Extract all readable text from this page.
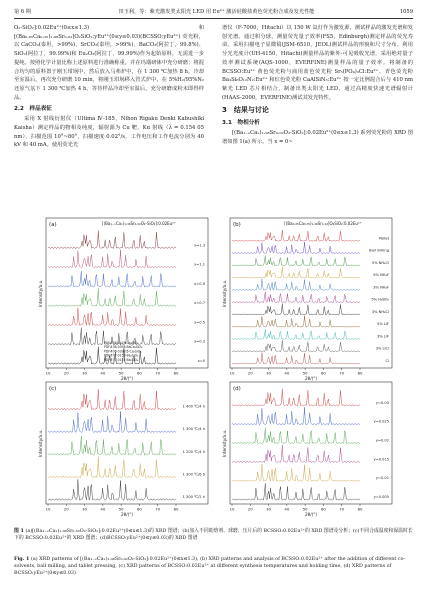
第 6 期	田玉利，等：紫光激发类太阳光 LED 用 Eu²⁺ 激活硅酸盐黄色荧光粉合成及发光性能	1059

O₂-SiO₂]:0.02Eu²⁺(0≤x≤1.3) 和 [(Ba₀.₆₅Ca₀.₃₅)₁.₉₈Sr₀.₀₂]O₂SiO₂:yEu²⁺(0≤y≤0.03)(BCSSO:yEu²⁺) 荧光粉，以 CaCO₃(泰坦，>99%)、SrCO₃(泰坦，>99%)、BaCO₃(阿拉丁，99.8%)、SiO₂(阿拉丁，99.99%)和 Eu₂O₃(阿拉丁，99.99%)作为起始原料，无需进一步提纯。按照化学计量比称上述原料进行准确称重，并在玛瑙研钵中充分研磨；将混合均匀的原料置于刚玉坩埚中，然后放入马弗炉中，在 1 300 ℃加热 8 h。冷却至室温后，再次充分研磨 10 min，将刚玉坩埚移入管式炉中，在 5%H₂/95%N₂ 还原气氛下 1 300 ℃加热 4 h，等待样品冷却至室温后，充分研磨成粉末即得样品。

2.2　样品表征

采用 X 射线衍射仪（Ultima Ⅳ-185，Nihon Rigaku Denki Kabushiki Kaisha）测定样品的物相及纯度，辐射源为 Cu 靶，Kα 射线（λ = 0.154 05 nm），扫描范围 10°~80°，扫描速度 0.02°/s，工作电压和工作电流分别为 40 kV 和 40 mA。使用荧光光

谱仪（F-7000，Hitachi）以 150 W 氙灯作为激发源，测试样品的激发光谱和发射光谱。通过积分球，测量荧光量子效率(FS5，Edinburgh)测定样品的荧光寿命。采用扫描电子显微镜(JSM-6510，JEOL)测试样品的形貌和尺寸分布。利用分光光度计(UH-4150，Hitachi)测量样品的紫外-可见吸收光谱，采用绝对量子效率测试系统(AQS-1000，EVERFINE)测量样品的量子效率。将制备的 BCSSO:Eu²⁺ 黄色荧光粉与商用蓝色荧光粉 Sr₅(PO₄)₃Cl:Eu²⁺、青色荧光粉 Ba₃Si₆O₁₂N₂:Eu²⁺ 和红色荧光粉 CaAlSiN₃:Eu²⁺ 按一定比例混合后与 410 nm 紫光 LED 芯片相结合，制备出类太阳光 LED，通过高精度快速光谱辐射计(HAAS-2000，EVERFINE)测试其发光特性。

3　结果与讨论
3.1　物相分析

[(Ba₁₋ₓCaₓ)₁.₉₈Sr₀.₀₂O₂-SiO₂]:0.02Eu²⁺(0≤x≤1.3) 系列荧光粉的 XRD 图谱如图 1(a) 所示。当 x = 0~

(a)	[(Ba₁₋ₓCaₓ)₁.₉₈Sr₀.₀₂O₂-SiO₂]:0.02Eu²⁺
x=1.3
x=1.1
x=0.9
x=0.7
x=0.5
x=0.3
x=0
10	20	30	40	50	60	70	80
2θ/(°)
Intensity/a.u.
PDF#38-1429 Ca₂SiO₄
PDF#36-0398 BaCa₃SiO₄
PDF#06-0398 β-Ca₂SiO₄
PDF#77-0153 Ba₂SiO₄
PDF#77-0155 Ba₂SiO₄
(b)	[(Ba₀.₆₅Ca₀.₃₅)₁.₉₈Sr₀.₀₂]O₂SiO₂:0.02Eu²⁺
Pellet
Ball milling
5% NH₄Cl
5% NH₄F
3% NH₄F
5% H₃BO₃
3% NH₄Cl
5% LiF
3% LiF
3% LiCl
Cl
10	20	30	40	50	60	70	80
2θ/(°)
Intensity/a.u.
(c)
1 400 ℃/4 h
1 300 ℃/4 h
1 200 ℃/4 h
1 300 ℃/6 h
1 300 ℃/2 h
10	20	30	40	50	60	70	80
2θ/(°)
Intensity/a.u.
(d)
y=0.03
y=0.025
y=0.02
y=0.015
y=0.01
y=0.005
10	20	30	40	50	60	70	80
2θ/(°)
Intensity/a.u.
图 1 (a)[(Ba₁₋ₓCaₓ)₁.₉₈Sr₀.₀₂O₂-SiO₂]:0.02Eu²⁺(0≤x≤1.3)的 XRD 图谱；(b)加入不同助熔剂、球磨、压片后的 BCSSO:0.02Eu²⁺的 XRD 图谱及分析；(c)不同合成温度和保温时长下的 BCSSO:0.02Eu²⁺的 XRD 图谱；(d)BCSSO:yEu²⁺(0≤y≤0.03)的 XRD 图谱
Fig. 1 (a) XRD patterns of [(Ba₁₋ₓCaₓ)₁.₉₈Sr₀.₀₂O₂-SiO₂]:0.02Eu²⁺(0≤x≤1.3), (b) XRD patterns and analysis of BCSSO:0.02Eu²⁺ after the addition of different co-solvents, ball milling, and tablet pressing, (c) XRD patterns of BCSSO:0.02Eu²⁺ at different synthesis temperatures and holding time, (d) XRD patterns of BCSSO:yEu²⁺(0≤y≤0.03)
